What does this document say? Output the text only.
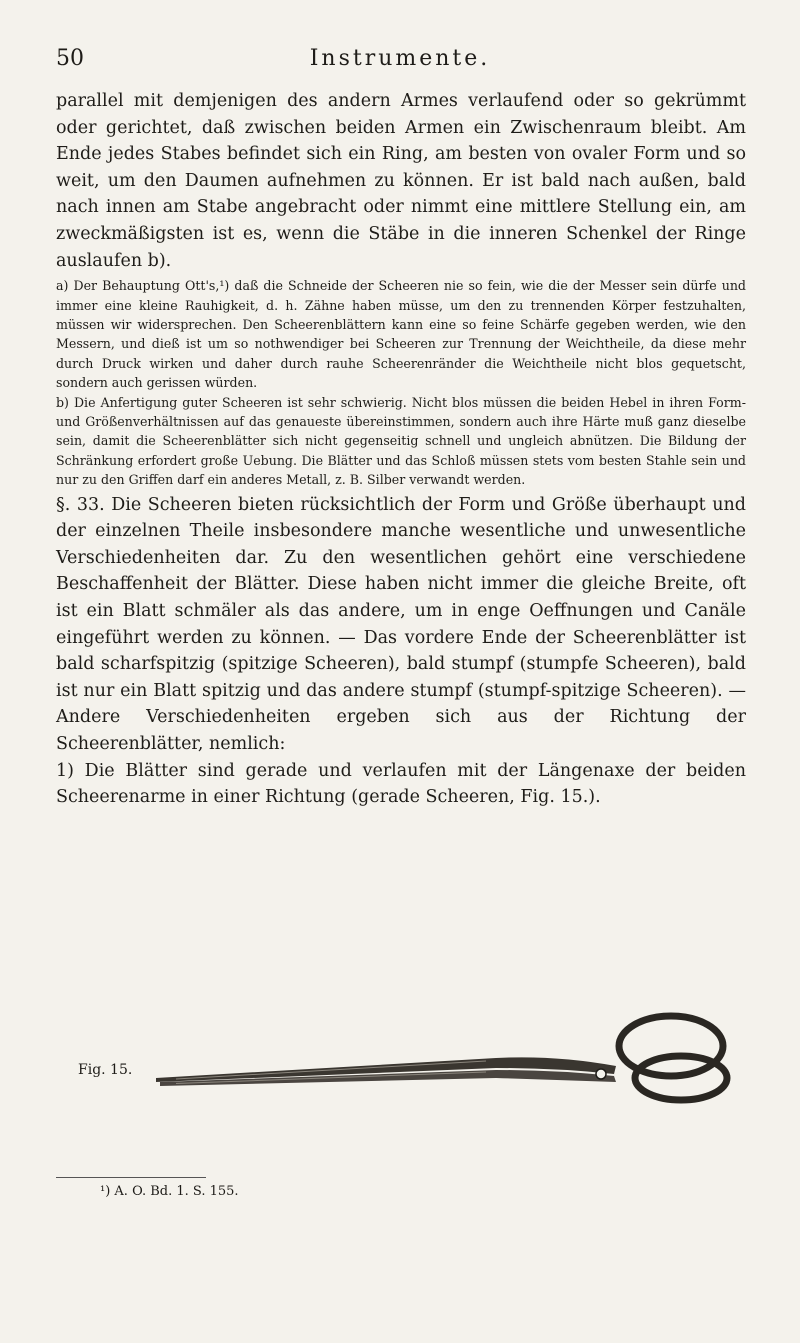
50	Instrumente.

parallel mit demjenigen des andern Armes verlaufend oder so gekrümmt oder gerichtet, daß zwischen beiden Armen ein Zwischenraum bleibt. Am Ende jedes Stabes befindet sich ein Ring, am besten von ovaler Form und so weit, um den Daumen aufnehmen zu können. Er ist bald nach außen, bald nach innen am Stabe angebracht oder nimmt eine mittlere Stellung ein, am zweckmäßigsten ist es, wenn die Stäbe in die inneren Schenkel der Ringe auslaufen b).

a) Der Behauptung Ott's,¹) daß die Schneide der Scheeren nie so fein, wie die der Messer sein dürfe und immer eine kleine Rauhigkeit, d. h. Zähne haben müsse, um den zu trennenden Körper festzuhalten, müssen wir widersprechen. Den Scheerenblättern kann eine so feine Schärfe gegeben werden, wie den Messern, und dieß ist um so nothwendiger bei Scheeren zur Trennung der Weichtheile, da diese mehr durch Druck wirken und daher durch rauhe Scheerenränder die Weichtheile nicht blos gequetscht, sondern auch gerissen würden.

b) Die Anfertigung guter Scheeren ist sehr schwierig. Nicht blos müssen die beiden Hebel in ihren Form- und Größenverhältnissen auf das genaueste übereinstimmen, sondern auch ihre Härte muß ganz dieselbe sein, damit die Scheerenblätter sich nicht gegenseitig schnell und ungleich abnützen. Die Bildung der Schränkung erfordert große Uebung. Die Blätter und das Schloß müssen stets vom besten Stahle sein und nur zu den Griffen darf ein anderes Metall, z. B. Silber verwandt werden.

§. 33. Die Scheeren bieten rücksichtlich der Form und Größe überhaupt und der einzelnen Theile insbesondere manche wesentliche und unwesentliche Verschiedenheiten dar. Zu den wesentlichen gehört eine verschiedene Beschaffenheit der Blätter. Diese haben nicht immer die gleiche Breite, oft ist ein Blatt schmäler als das andere, um in enge Oeffnungen und Canäle eingeführt werden zu können. — Das vordere Ende der Scheerenblätter ist bald scharfspitzig (spitzige Scheeren), bald stumpf (stumpfe Scheeren), bald ist nur ein Blatt spitzig und das andere stumpf (stumpf-spitzige Scheeren). — Andere Verschiedenheiten ergeben sich aus der Richtung der Scheerenblätter, nemlich:

1) Die Blätter sind gerade und verlaufen mit der Längenaxe der beiden Scheerenarme in einer Richtung (gerade Scheeren, Fig. 15.).

Fig. 15.
¹) A. O. Bd. 1. S. 155.
